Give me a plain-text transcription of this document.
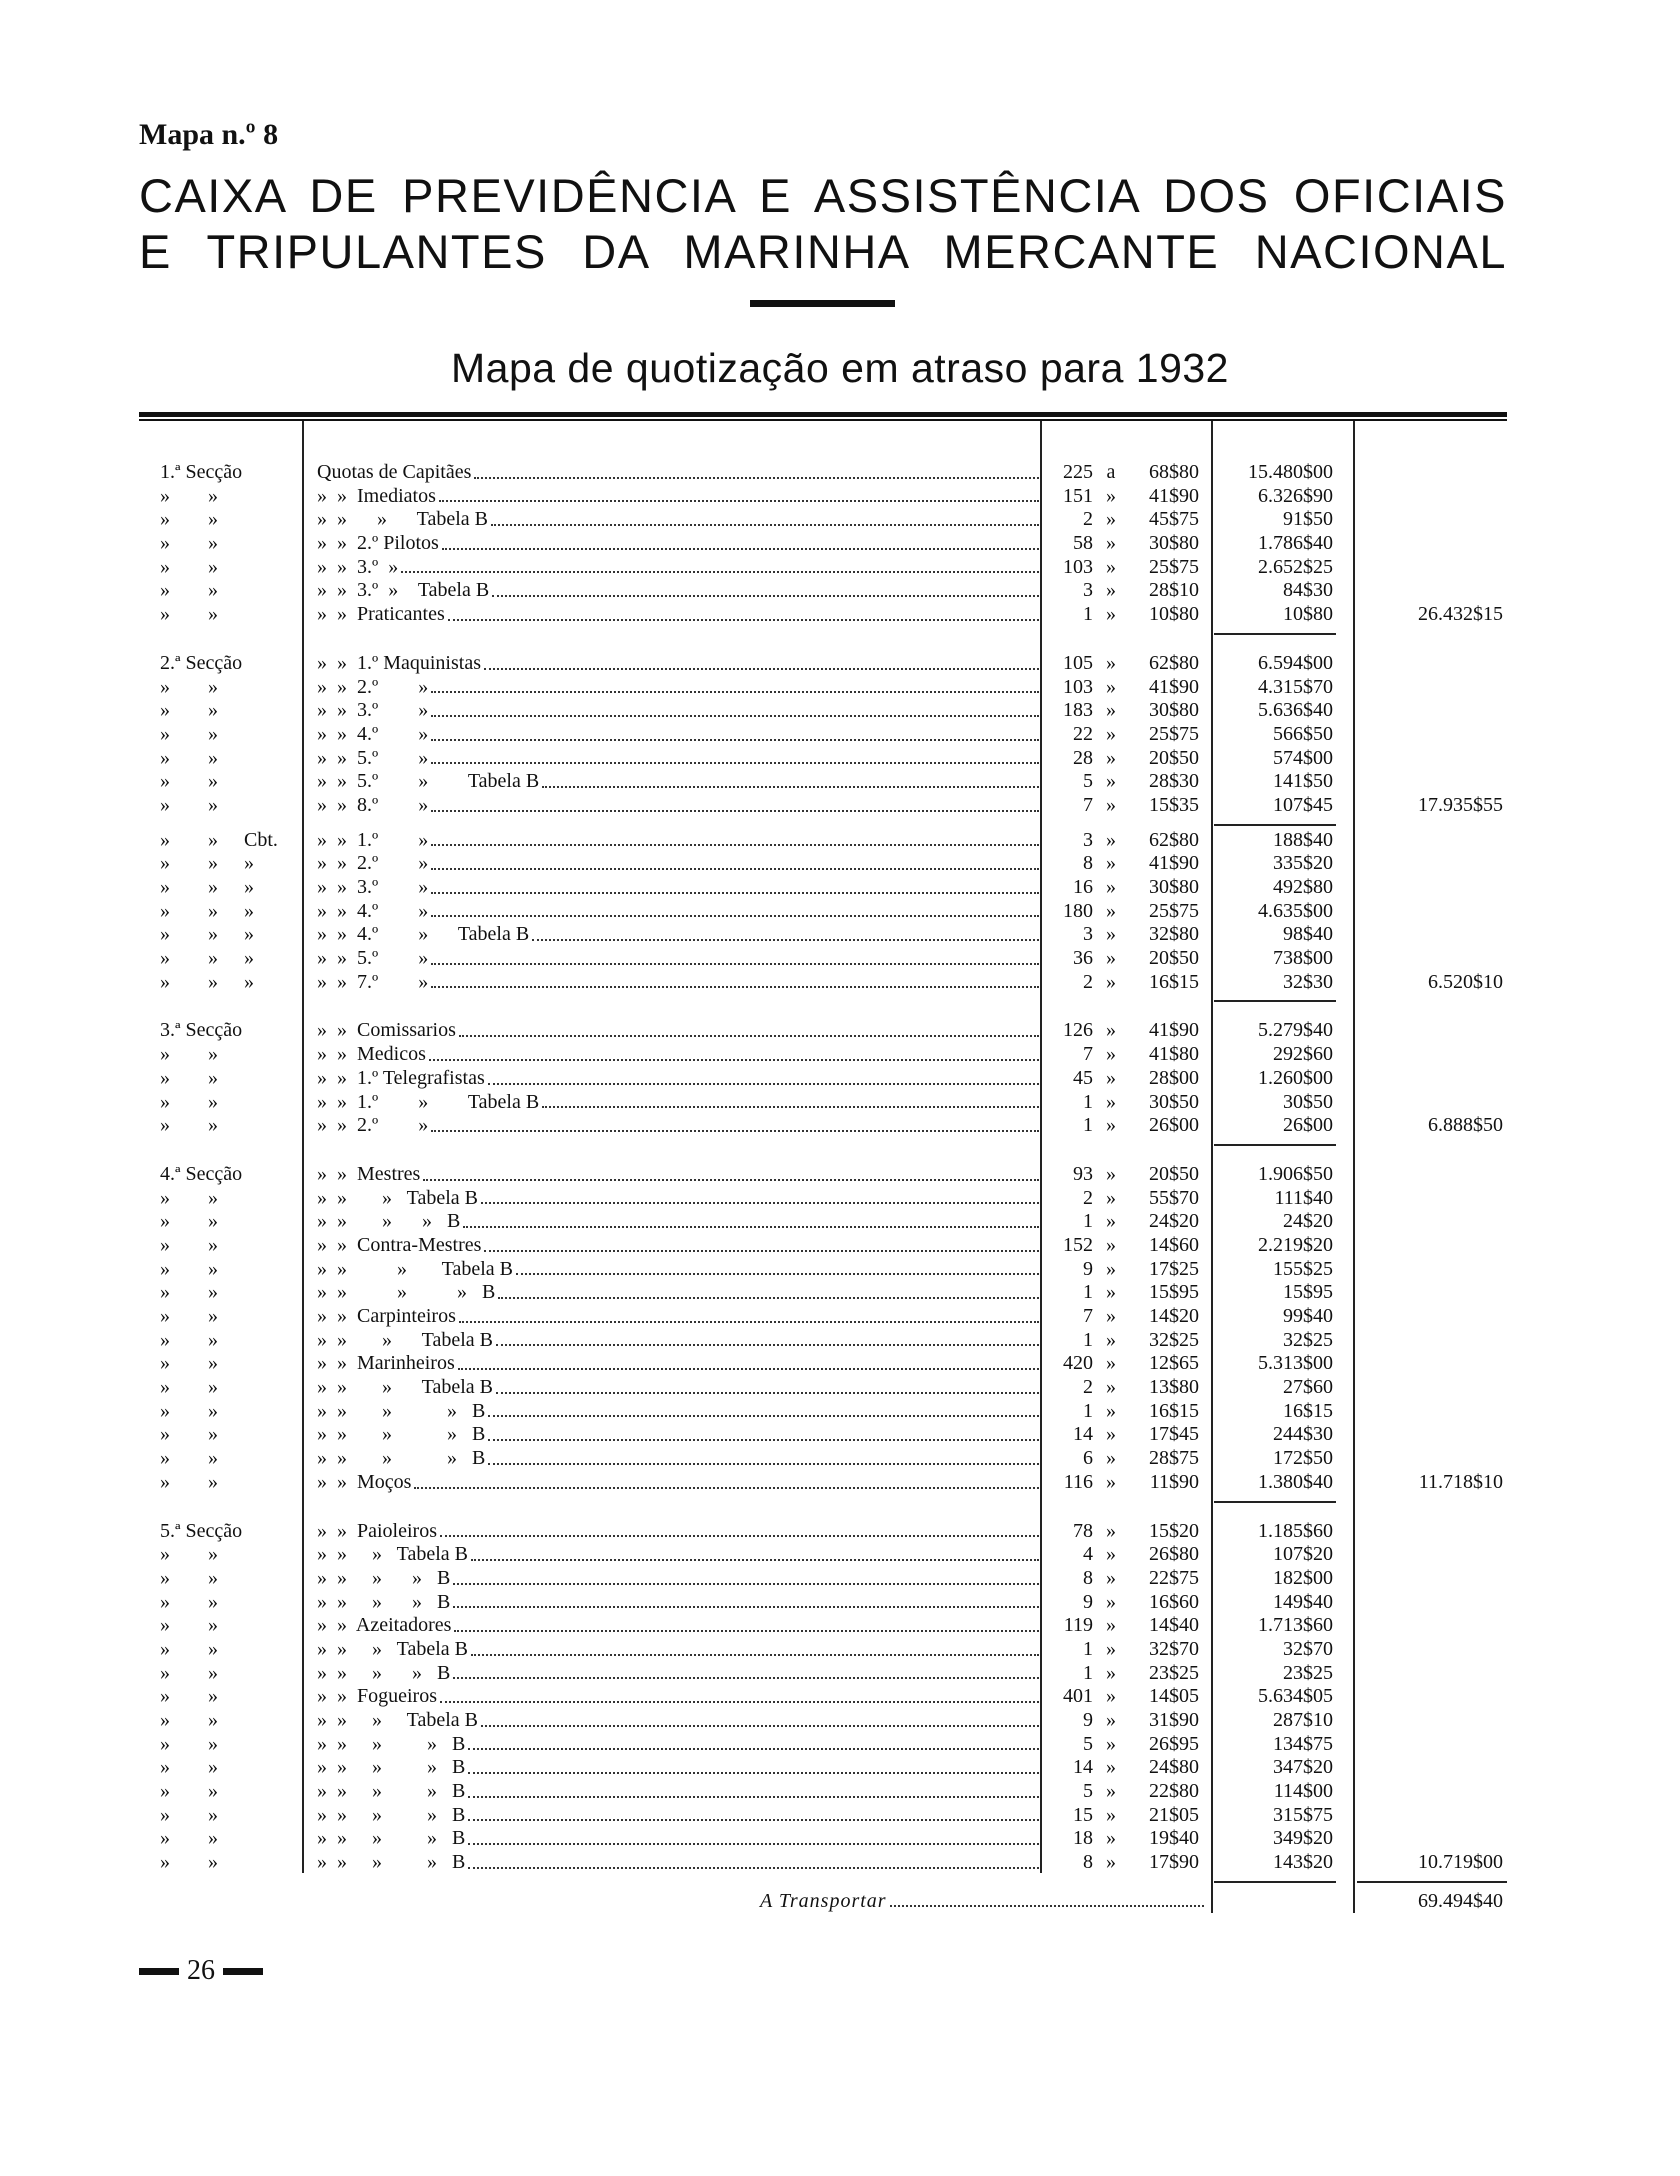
Mapa n.º 8
CAIXA DE PREVIDÊNCIA E ASSISTÊNCIA DOS OFICIAIS
E TRIPULANTES DA MARINHA MERCANTE NACIONAL
Mapa de quotização em atraso para 1932
1.ª Secção	Quotas de Capitães	225 a	68$80	15.480$00
» »	»  »  Imediatos	151 »	41$90	6.326$90
» »	»  »      »      Tabela B	2 »	45$75	91$50
» »	»  »  2.º Pilotos	58 »	30$80	1.786$40
» »	»  »  3.º  »	103 »	25$75	2.652$25
» »	»  »  3.º  »    Tabela B	3 »	28$10	84$30
» »	»  »  Praticantes	1 »	10$80	10$80	26.432$15
2.ª Secção	»  »  1.º Maquinistas	105 »	62$80	6.594$00
» »	»  »  2.º        »	103 »	41$90	4.315$70
» »	»  »  3.º        »	183 »	30$80	5.636$40
» »	»  »  4.º        »	22 »	25$75	566$50
» »	»  »  5.º        »	28 »	20$50	574$00
» »	»  »  5.º        »        Tabela B	5 »	28$30	141$50
» »	»  »  8.º        »	7 »	15$35	107$45	17.935$55
» » Cbt. »  »  1.º        »	3 »	62$80	188$40
» » »	»  »  2.º        »	8 »	41$90	335$20
» » »	»  »  3.º        »	16 »	30$80	492$80
» » »	»  »  4.º        »	180 »	25$75	4.635$00
» » »	»  »  4.º        »      Tabela B	3 »	32$80	98$40
» » »	»  »  5.º        »	36 »	20$50	738$00
» » »	»  »  7.º        »	2 »	16$15	32$30	6.520$10
3.ª Secção	»  »  Comissarios	126 »	41$90	5.279$40
» »	»  »  Medicos	7 »	41$80	292$60
» »	»  »  1.º Telegrafistas	45 »	28$00	1.260$00
» »	»  »  1.º        »        Tabela B	1 »	30$50	30$50
» »	»  »  2.º        »	1 »	26$00	26$00	6.888$50
4.ª Secção	»  »  Mestres	93 »	20$50	1.906$50
» »	»  »       »   Tabela B	2 »	55$70	111$40
» »	»  »       »      »   B	1 »	24$20	24$20
» »	»  »  Contra-Mestres	152 »	14$60	2.219$20
» »	»  »          »       Tabela B	9 »	17$25	155$25
» »	»  »          »          »   B	1 »	15$95	15$95
» »	»  »  Carpinteiros	7 »	14$20	99$40
» »	»  »       »      Tabela B	1 »	32$25	32$25
» »	»  »  Marinheiros	420 »	12$65	5.313$00
» »	»  »       »      Tabela B	2 »	13$80	27$60
» »	»  »       »           »   B	1 »	16$15	16$15
» »	»  »       »           »   B	14 »	17$45	244$30
» »	»  »       »           »   B	6 »	28$75	172$50
» »	»  »  Moços	116 »	11$90	1.380$40	11.718$10
5.ª Secção	»  »  Paioleiros	78 »	15$20	1.185$60
» »	»  »     »   Tabela B	4 »	26$80	107$20
» »	»  »     »      »   B	8 »	22$75	182$00
» »	»  »     »      »   B	9 »	16$60	149$40
» »	»  »  Azeitadores	119 »	14$40	1.713$60
» »	»  »     »   Tabela B	1 »	32$70	32$70
» »	»  »     »      »   B	1 »	23$25	23$25
» »	»  »  Fogueiros	401 »	14$05	5.634$05
» »	»  »     »     Tabela B	9 »	31$90	287$10
» »	»  »     »         »   B	5 »	26$95	134$75
» »	»  »     »         »   B	14 »	24$80	347$20
» »	»  »     »         »   B	5 »	22$80	114$00
» »	»  »     »         »   B	15 »	21$05	315$75
» »	»  »     »         »   B	18 »	19$40	349$20
» »	»  »     »         »   B	8 »	17$90	143$20	10.719$00
A Transportar	69.494$40
26
